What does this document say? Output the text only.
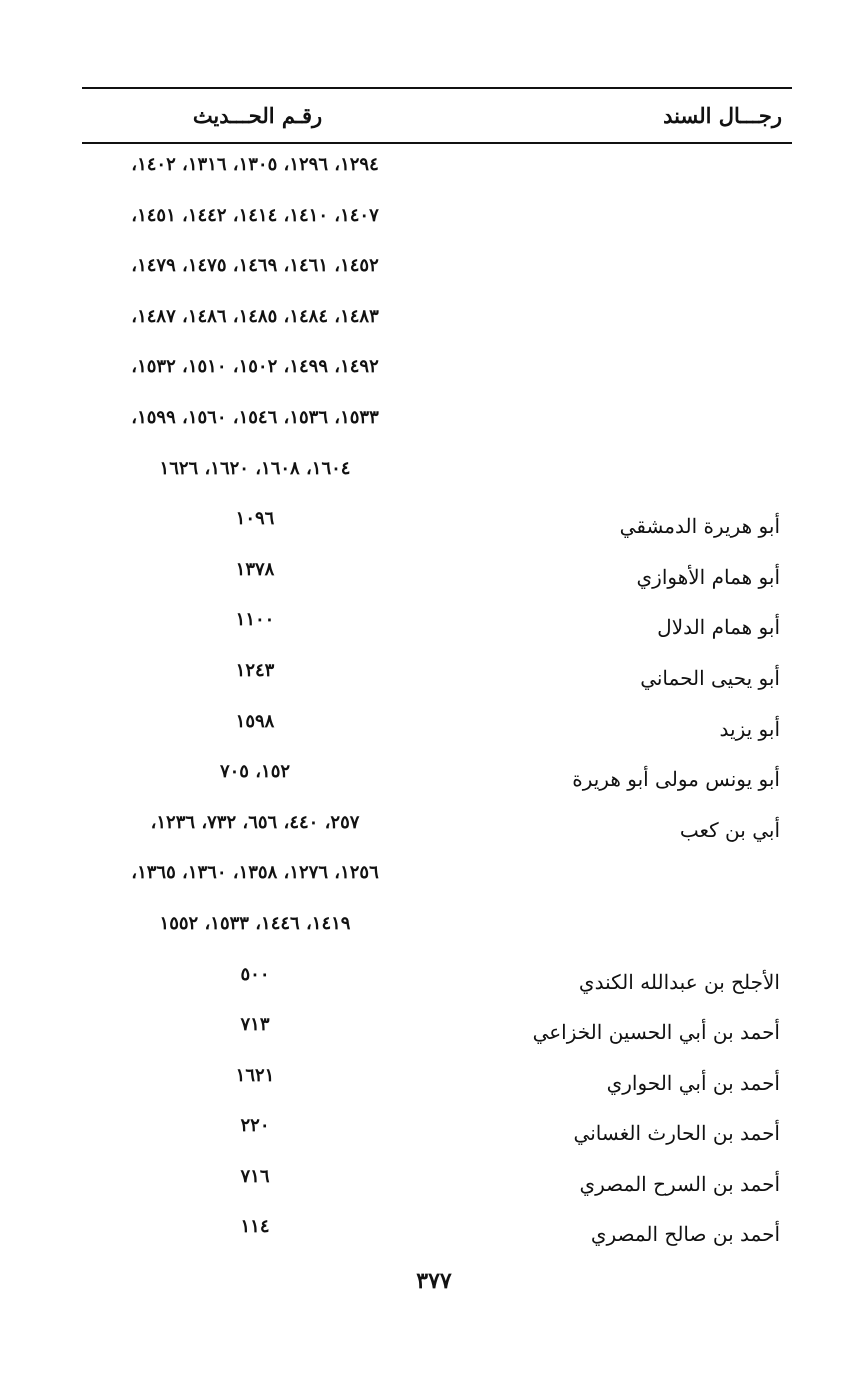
رجـــال السند
رقـم الحـــديث
١٢٩٤، ١٢٩٦، ١٣٠٥، ١٣١٦، ١٤٠٢،
١٤٠٧، ١٤١٠، ١٤١٤، ١٤٤٢، ١٤٥١،
١٤٥٢، ١٤٦١، ١٤٦٩، ١٤٧٥، ١٤٧٩،
١٤٨٣، ١٤٨٤، ١٤٨٥، ١٤٨٦، ١٤٨٧،
١٤٩٢، ١٤٩٩، ١٥٠٢، ١٥١٠، ١٥٣٢،
١٥٣٣، ١٥٣٦، ١٥٤٦، ١٥٦٠، ١٥٩٩،
١٦٠٤، ١٦٠٨، ١٦٢٠، ١٦٢٦
أبو هريرة الدمشقي
١٠٩٦
أبو همام الأهوازي
١٣٧٨
أبو همام الدلال
١١٠٠
أبو يحيى الحماني
١٢٤٣
أبو يزيد
١٥٩٨
أبو يونس مولى أبو هريرة
١٥٢، ٧٠٥
أبي بن كعب
٢٥٧، ٤٤٠، ٦٥٦، ٧٣٢، ١٢٣٦،
١٢٥٦، ١٢٧٦، ١٣٥٨، ١٣٦٠، ١٣٦٥،
١٤١٩، ١٤٤٦، ١٥٣٣، ١٥٥٢
الأجلح بن عبدالله الكندي
٥٠٠
أحمد بن أبي الحسين الخزاعي
٧١٣
أحمد بن أبي الحواري
١٦٢١
أحمد بن الحارث الغساني
٢٢٠
أحمد بن السرح المصري
٧١٦
أحمد بن صالح المصري
١١٤
٣٧٧
